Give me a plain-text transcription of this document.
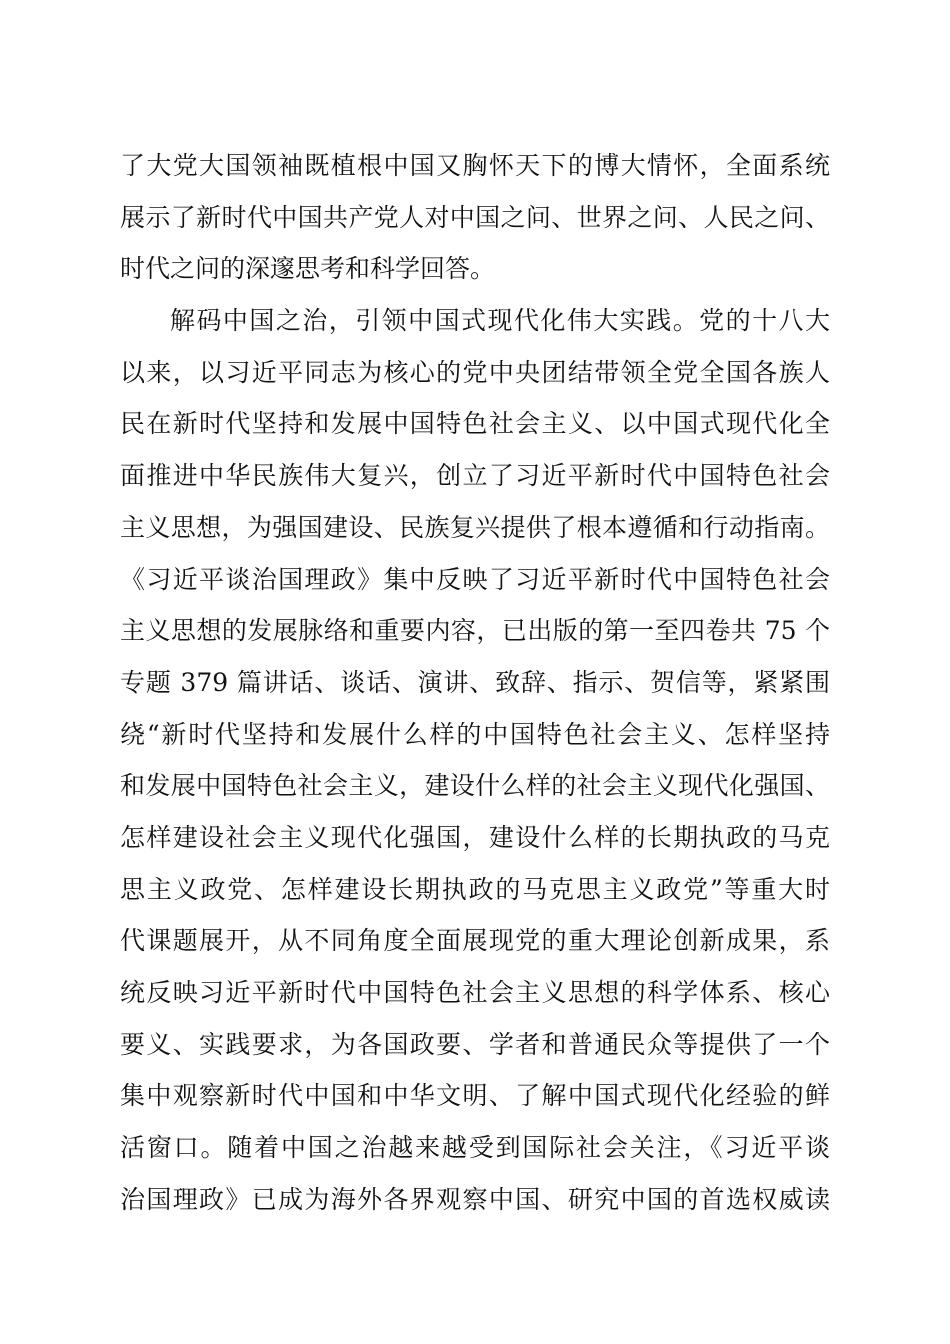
了大党大国领袖既植根中国又胸怀天下的博大情怀，全面系统
展示了新时代中国共产党人对中国之问、世界之问、人民之问、
时代之问的深邃思考和科学回答。
解码中国之治，引领中国式现代化伟大实践。党的十八大
以来，以习近平同志为核心的党中央团结带领全党全国各族人
民在新时代坚持和发展中国特色社会主义、以中国式现代化全
面推进中华民族伟大复兴，创立了习近平新时代中国特色社会
主义思想，为强国建设、民族复兴提供了根本遵循和行动指南。
《习近平谈治国理政》集中反映了习近平新时代中国特色社会
主义思想的发展脉络和重要内容，已出版的第一至四卷共 75 个
专题 379 篇讲话、谈话、演讲、致辞、指示、贺信等，紧紧围
绕“新时代坚持和发展什么样的中国特色社会主义、怎样坚持
和发展中国特色社会主义，建设什么样的社会主义现代化强国、
怎样建设社会主义现代化强国，建设什么样的长期执政的马克
思主义政党、怎样建设长期执政的马克思主义政党”等重大时
代课题展开，从不同角度全面展现党的重大理论创新成果，系
统反映习近平新时代中国特色社会主义思想的科学体系、核心
要义、实践要求，为各国政要、学者和普通民众等提供了一个
集中观察新时代中国和中华文明、了解中国式现代化经验的鲜
活窗口。随着中国之治越来越受到国际社会关注，《习近平谈
治国理政》已成为海外各界观察中国、研究中国的首选权威读
